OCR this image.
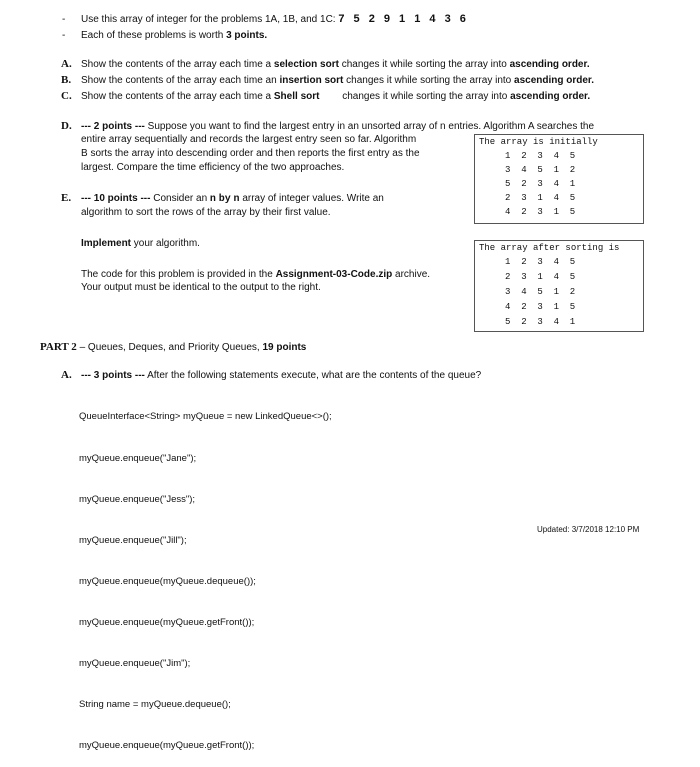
- Use this array of integer for the problems 1A, 1B, and 1C: 7 5 2 9 1 1 4 3 6
- Each of these problems is worth 3 points.
A. Show the contents of the array each time a selection sort changes it while sorting the array into ascending order.
B. Show the contents of the array each time an insertion sort changes it while sorting the array into ascending order.
C. Show the contents of the array each time a Shell sort changes it while sorting the array into ascending order.
D. --- 2 points --- Suppose you want to find the largest entry in an unsorted array of n entries. Algorithm A searches the
entire array sequentially and records the largest entry seen so far. Algorithm
B sorts the array into descending order and then reports the first entry as the
largest. Compare the time efficiency of the two approaches.
E. --- 10 points --- Consider an n by n array of integer values. Write an
algorithm to sort the rows of the array by their first value.
Implement your algorithm.
The code for this problem is provided in the Assignment-03-Code.zip archive.
Your output must be identical to the output to the right.
The array is initially
1  2  3  4  5
3  4  5  1  2
5  2  3  4  1
2  3  1  4  5
4  2  3  1  5
The array after sorting is
1  2  3  4  5
2  3  1  4  5
3  4  5  1  2
4  2  3  1  5
5  2  3  4  1
PART 2 – Queues, Deques, and Priority Queues, 19 points
A. --- 3 points --- After the following statements execute, what are the contents of the queue?

QueueInterface<String> myQueue = new LinkedQueue<>();

myQueue.enqueue("Jane");

myQueue.enqueue("Jess");

myQueue.enqueue("Jill");

myQueue.enqueue(myQueue.dequeue());

myQueue.enqueue(myQueue.getFront());

myQueue.enqueue("Jim");

String name = myQueue.dequeue();

myQueue.enqueue(myQueue.getFront());

Updated: 3/7/2018 12:10 PM
